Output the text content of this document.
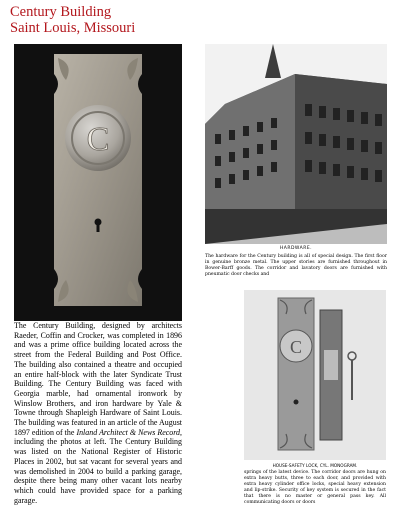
Century Building
Saint Louis, Missouri
C
The Century Building, designed by architects Raeder, Coffin and Crocker, was completed in 1896 and was a prime office building located across the street from the Federal Building and Post Office. The building also contained a theatre and occupied an entire half-block with the later Syndicate Trust Building. The Century Building was faced with Georgia marble, had ornamental ironwork by Winslow Brothers, and iron hardware by Yale & Towne through Shapleigh Hardware of Saint Louis. The building was featured in an article of the August 1897 edition of the Inland Architect & News Record, including the photos at left. The Century Building was listed on the National Register of Historic Places in 2002, but sat vacant for several years and was demolished in 2004 to build a parking garage, despite there being many other vacant lots nearby which could have provided space for a parking garage.
HARDWARE.
The hardware for the Century building is all of special design. The first floor in genuine bronze metal. The upper stories are furnished throughout in Bower-Barff goods. The corridor and lavatory doors are furnished with pneumatic door checks and
C
HOUSE-SAFETY LOCK, CYL. MONOGRAM.
springs of the latest device. The corridor doors are hung on extra heavy butts, three to each door, and provided with extra heavy cylinder office locks, special heavy extension and lip-strike. Security of key system is secured in the fact that there is no master or general pass key. All communicating doors or doors
